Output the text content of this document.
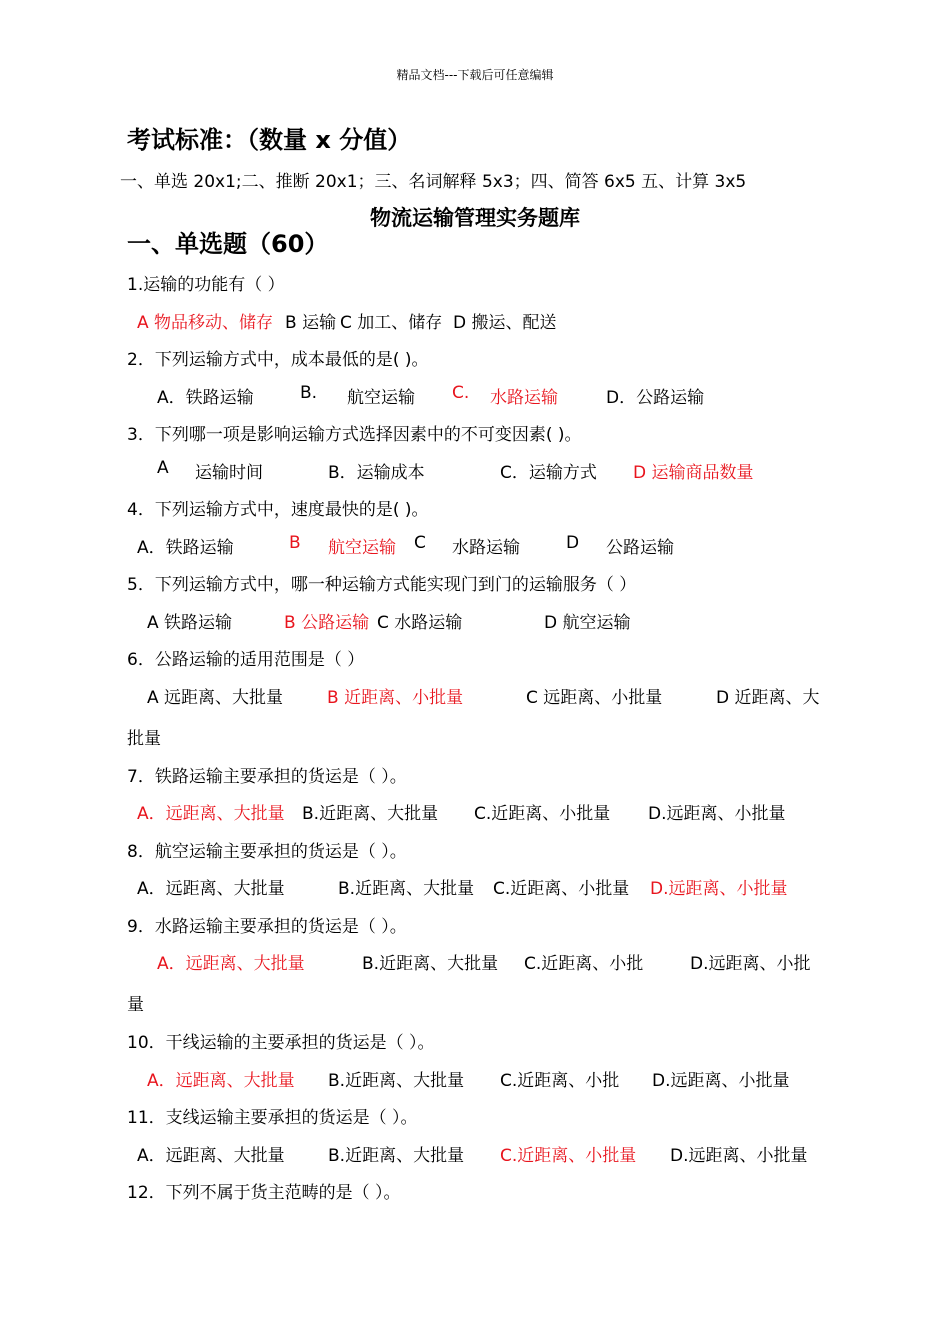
精品文档---下载后可任意编辑
考试标准：（数量 x 分值）
一、单选 20x1;二、推断 20x1；三、名词解释 5x3；四、简答 6x5 五、计算 3x5
物流运输管理实务题库
一、单选题（60）
1.运输的功能有（ ）
A 物品移动、储存 B 运输 C 加工、储存 D 搬运、配送
2．下列运输方式中，成本最低的是( )。
A．铁路运输	B. 航空运输 C. 水路运输	D．公路运输
3．下列哪一项是影响运输方式选择因素中的不可变因素( )。
A 运输时间	B．运输成本	C．运输方式 D 运输商品数量
4．下列运输方式中，速度最快的是( )。
A．铁路运输	B 航空运输 C 水路运输	D 公路运输
5．下列运输方式中，哪一种运输方式能实现门到门的运输服务（ ）
A 铁路运输	B 公路运输 C 水路运输	D 航空运输
6．公路运输的适用范围是（ ）
A 远距离、大批量	B 近距离、小批量	C 远距离、小批量	D 近距离、大
批量
7．铁路运输主要承担的货运是（ ）。
A．远距离、大批量 B.近距离、大批量 C.近距离、小批量 D.远距离、小批量
8．航空运输主要承担的货运是（ ）。
A．远距离、大批量	B.近距离、大批量 C.近距离、小批量 D.远距离、小批量
9．水路运输主要承担的货运是（ ）。
A．远距离、大批量	B.近距离、大批量 C.近距离、小批	D.远距离、小批
量
10．干线运输的主要承担的货运是（ ）。
A．远距离、大批量 B.近距离、大批量 C.近距离、小批 D.远距离、小批量
11．支线运输主要承担的货运是（ ）。
A．远距离、大批量	B.近距离、大批量 C.近距离、小批量 D.远距离、小批量
12．下列不属于货主范畴的是（ ）。
